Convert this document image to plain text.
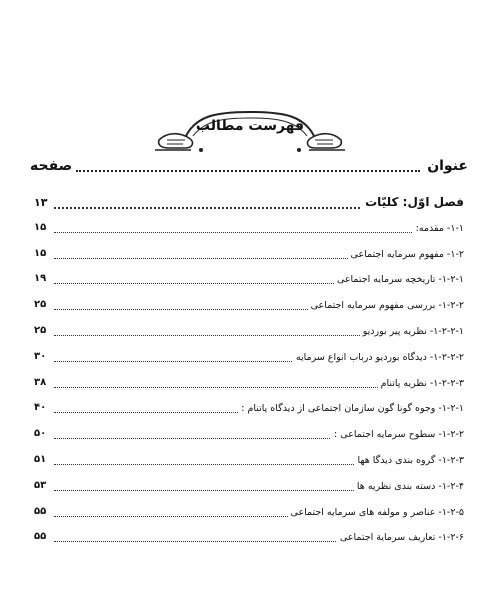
فهرست مطالب
عنوان
صفحه
فصل اوّل: کلیّات
۱۳
۱-۱- مقدمه:
۱۵
۱-۲- مفهوم سرمایه اجتماعی
۱۵
۱-۲-۱- تاریخچه سرمایه اجتماعی
۱۹
۱-۲-۲- بررسی مفهوم سرمایه اجتماعی
۲۵
۱-۲-۲-۱- نظریه پیر بوردیو
۲۵
۱-۲-۲-۲- دیدگاه بوردیو درباب انواع سرمایه
۳۰
۱-۲-۲-۳- نظریه پاتنام
۳۸
۱-۲-۱- وجوه گونا گون سازمان اجتماعی از دیدگاه پاتنام :
۴۰
۱-۲-۲- سطوح سرمایه اجتماعی :
۵۰
۱-۲-۳- گروه بندی دیدگا هها
۵۱
۱-۲-۴- دسته بندی نظریه ها
۵۳
۱-۲-۵- عناصر و مولفه های سرمایه اجتماعی
۵۵
۱-۲-۶- تعاریف سرمایة اجتماعی
۵۵
